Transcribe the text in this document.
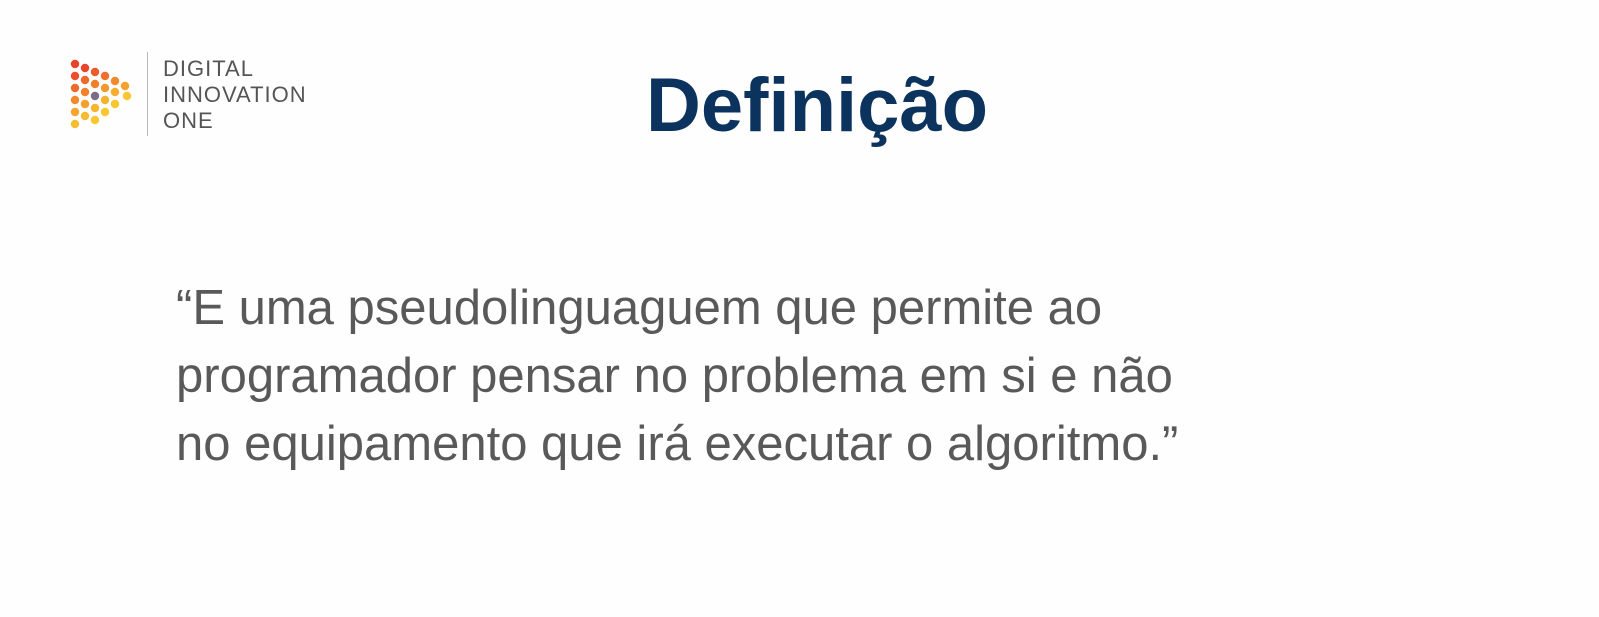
DIGITAL
INNOVATION
ONE	Definição
“E uma pseudolinguaguem que permite ao
programador pensar no problema em si e não
no equipamento que irá executar o algoritmo.”
